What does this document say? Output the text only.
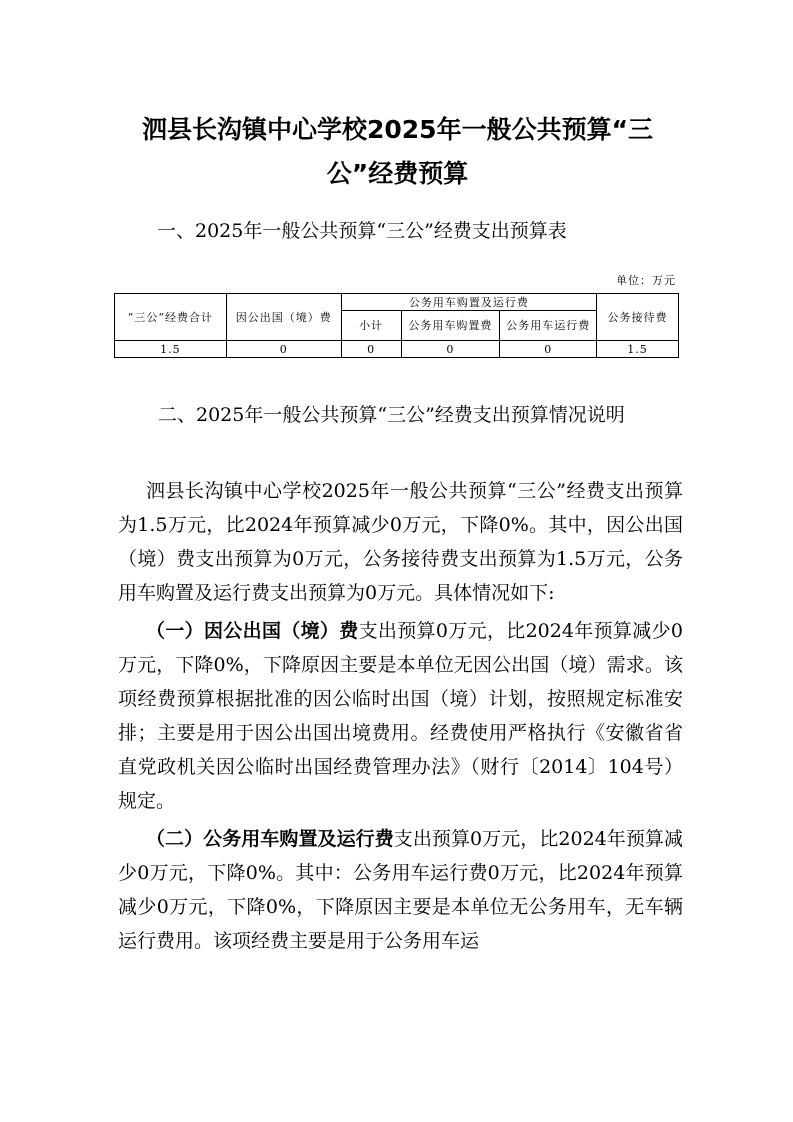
泗县长沟镇中心学校2025年一般公共预算“三公”经费预算
一、2025年一般公共预算“三公”经费支出预算表
单位：万元
”三公“经费合计	因公出国（境）费	公务用车购置及运行费			公务接待费
		小计	公务用车购置费	公务用车运行费	
1.5	0	0	0	0	1.5
二、2025年一般公共预算“三公”经费支出预算情况说明

泗县长沟镇中心学校2025年一般公共预算“三公”经费支出预算为1.5万元，比2024年预算减少0万元，下降0%。其中，因公出国（境）费支出预算为0万元，公务接待费支出预算为1.5万元，公务用车购置及运行费支出预算为0万元。具体情况如下:

（一）因公出国（境）费支出预算0万元，比2024年预算减少0万元，下降0%，下降原因主要是本单位无因公出国（境）需求。该项经费预算根据批准的因公临时出国（境）计划，按照规定标准安排；主要是用于因公出国出境费用。经费使用严格执行《安徽省省直党政机关因公临时出国经费管理办法》（财行〔2014〕104号）规定。

（二）公务用车购置及运行费支出预算0万元，比2024年预算减少0万元，下降0%。其中：公务用车运行费0万元，比2024年预算减少0万元，下降0%，下降原因主要是本单位无公务用车，无车辆运行费用。该项经费主要是用于公务用车运
